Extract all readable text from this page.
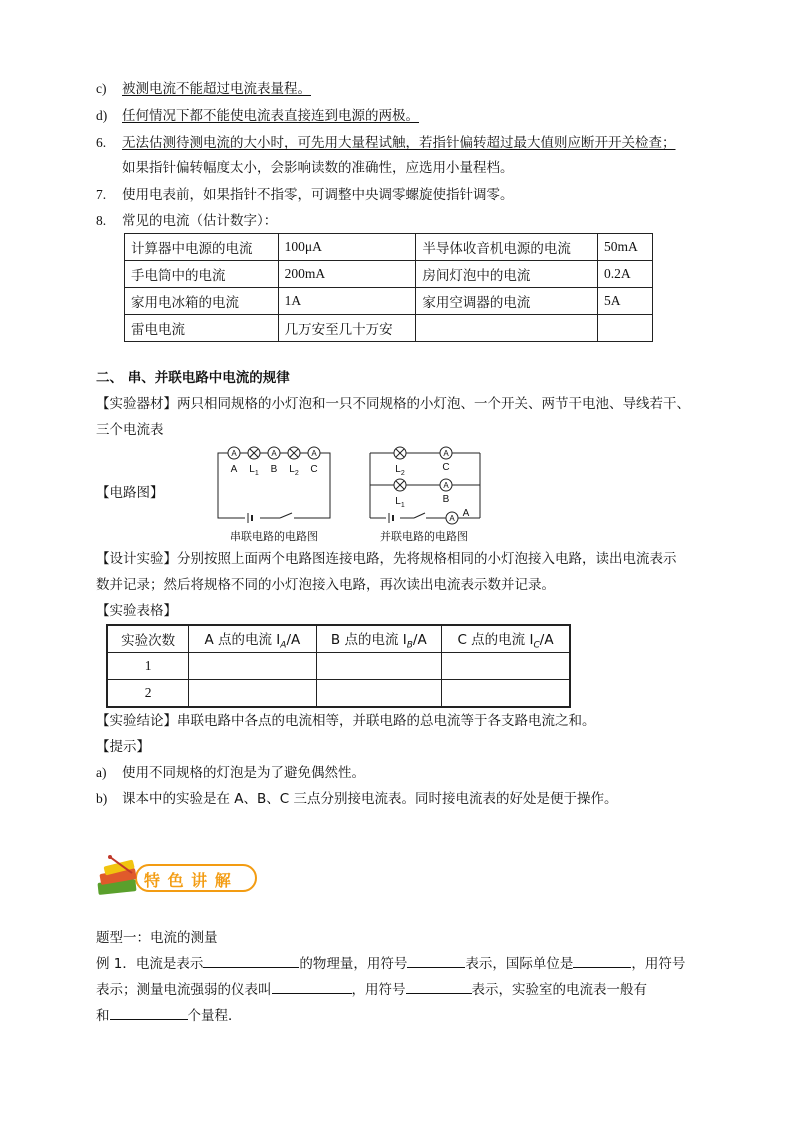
c) 被测电流不能超过电流表量程。
d) 任何情况下都不能使电流表直接连到电源的两极。
6. 无法估测待测电流的大小时，可先用大量程试触，若指针偏转超过最大值则应断开开关检查；
如果指针偏转幅度太小，会影响读数的准确性，应选用小量程档。
7. 使用电表前，如果指针不指零，可调整中央调零螺旋使指针调零。
8. 常见的电流（估计数字）：
计算器中电源的电流	100μA	半导体收音机电源的电流	50mA
手电筒中的电流	200mA	房间灯泡中的电流	0.2A
家用电冰箱的电流	1A	家用空调器的电流	5A
雷电电流	几万安至几十万安		
二、 串、并联电路中电流的规律
【实验器材】两只相同规格的小灯泡和一只不同规格的小灯泡、一个开关、两节干电池、导线若干、
三个电流表
【电路图】
A	A	A
A $L_1$ B $L_2$ C
串联电路的电路图
A
A
A
$L_2$
C
$L_1$
B
A
并联电路的电路图
【设计实验】分别按照上面两个电路图连接电路，先将规格相同的小灯泡接入电路，读出电流表示
数并记录；然后将规格不同的小灯泡接入电路，再次读出电流表示数并记录。
【实验表格】
实验次数	A 点的电流 $I_A/A$	B 点的电流 $I_B/A$	C 点的电流 $I_C/A$
1			
2			
【实验结论】串联电路中各点的电流相等，并联电路的总电流等于各支路电流之和。
【提示】
a) 使用不同规格的灯泡是为了避免偶然性。
b) 课本中的实验是在 A、B、C 三点分别接电流表。同时接电流表的好处是便于操作。
特 色 讲 解
题型一：电流的测量
例 1．电流是表示	的物理量，用符号	表示，国际单位是	，用符号
表示；测量电流强弱的仪表叫	，用符号	表示，实验室的电流表一般有
和	个量程．
